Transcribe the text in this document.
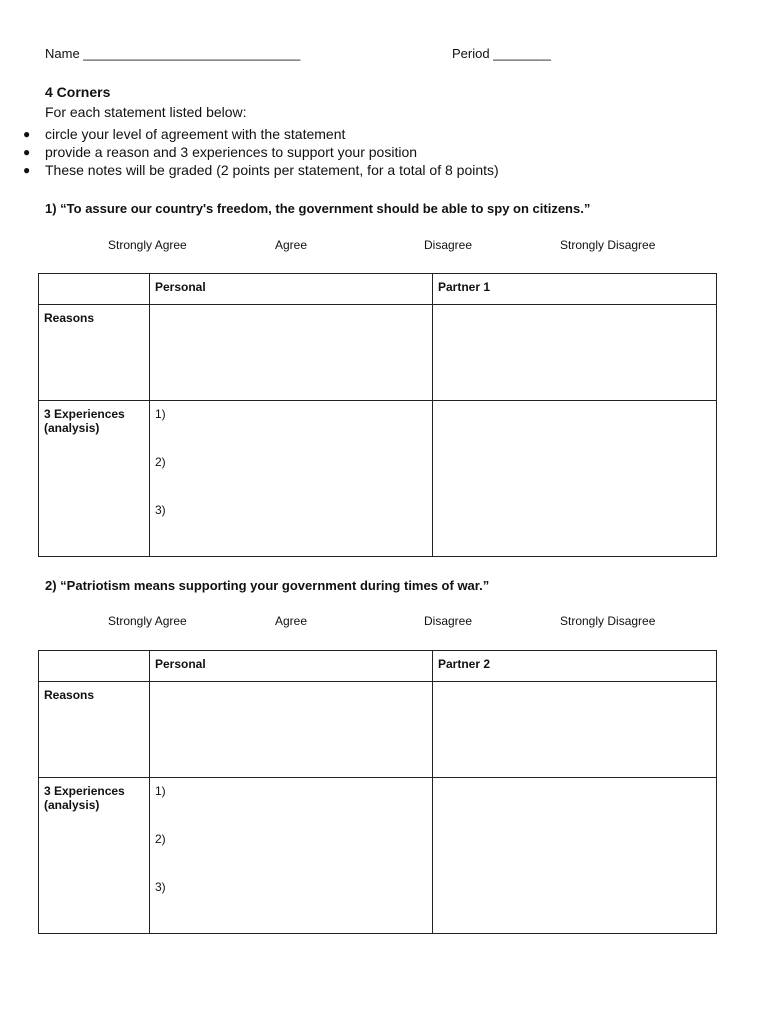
Name ______________________________	Period ________
4 Corners
For each statement listed below:
● circle your level of agreement with the statement
● provide a reason and 3 experiences to support your position
● These notes will be graded (2 points per statement, for a total of 8 points)
1) “To assure our country's freedom, the government should be able to spy on citizens.”
Strongly Agree	Agree	Disagree	Strongly Disagree
	Personal	Partner 1
Reasons		
3 Experiences (analysis)	1)
2)
3)	

2) “Patriotism means supporting your government during times of war.”
Strongly Agree	Agree	Disagree	Strongly Disagree
	Personal	Partner 2
Reasons		
3 Experiences (analysis)	1)
2)
3)	
